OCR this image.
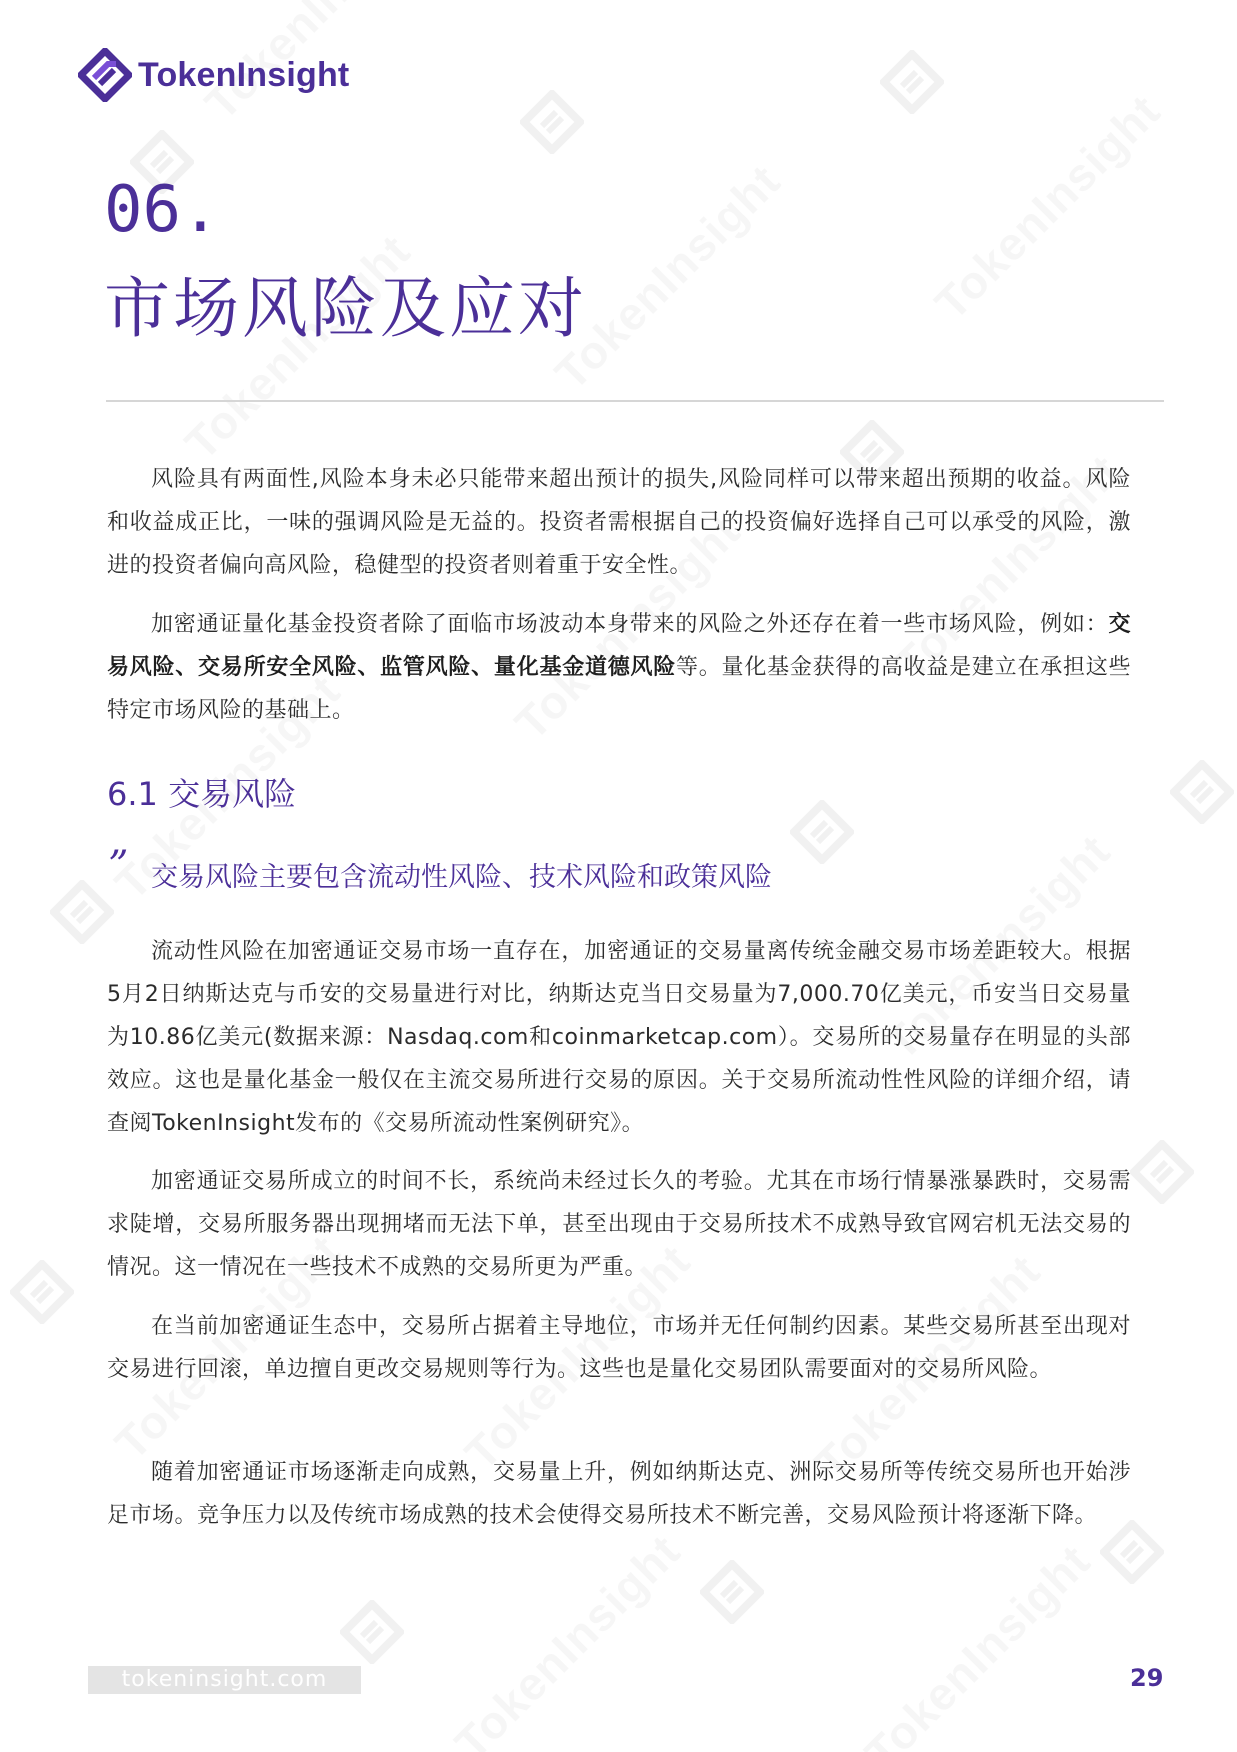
TokenInsight
06.
市场风险及应对

风险具有两面性,风险本身未必只能带来超出预计的损失,风险同样可以带来超出预期的收益。风险和收益成正比，一味的强调风险是无益的。投资者需根据自己的投资偏好选择自己可以承受的风险，激进的投资者偏向高风险，稳健型的投资者则着重于安全性。

加密通证量化基金投资者除了面临市场波动本身带来的风险之外还存在着一些市场风险，例如：交易风险、交易所安全风险、监管风险、量化基金道德风险等。量化基金获得的高收益是建立在承担这些特定市场风险的基础上。

6.1 交易风险
” 交易风险主要包含流动性风险、技术风险和政策风险

流动性风险在加密通证交易市场一直存在，加密通证的交易量离传统金融交易市场差距较大。根据5月2日纳斯达克与币安的交易量进行对比，纳斯达克当日交易量为7,000.70亿美元，币安当日交易量为10.86亿美元(数据来源：Nasdaq.com和coinmarketcap.com）。交易所的交易量存在明显的头部效应。这也是量化基金一般仅在主流交易所进行交易的原因。关于交易所流动性性风险的详细介绍，请查阅TokenInsight发布的《交易所流动性案例研究》。

加密通证交易所成立的时间不长，系统尚未经过长久的考验。尤其在市场行情暴涨暴跌时，交易需求陡增，交易所服务器出现拥堵而无法下单，甚至出现由于交易所技术不成熟导致官网宕机无法交易的情况。这一情况在一些技术不成熟的交易所更为严重。

在当前加密通证生态中，交易所占据着主导地位，市场并无任何制约因素。某些交易所甚至出现对交易进行回滚，单边擅自更改交易规则等行为。这些也是量化交易团队需要面对的交易所风险。

随着加密通证市场逐渐走向成熟，交易量上升，例如纳斯达克、洲际交易所等传统交易所也开始涉足市场。竞争压力以及传统市场成熟的技术会使得交易所技术不断完善，交易风险预计将逐渐下降。

tokeninsight.com	29
